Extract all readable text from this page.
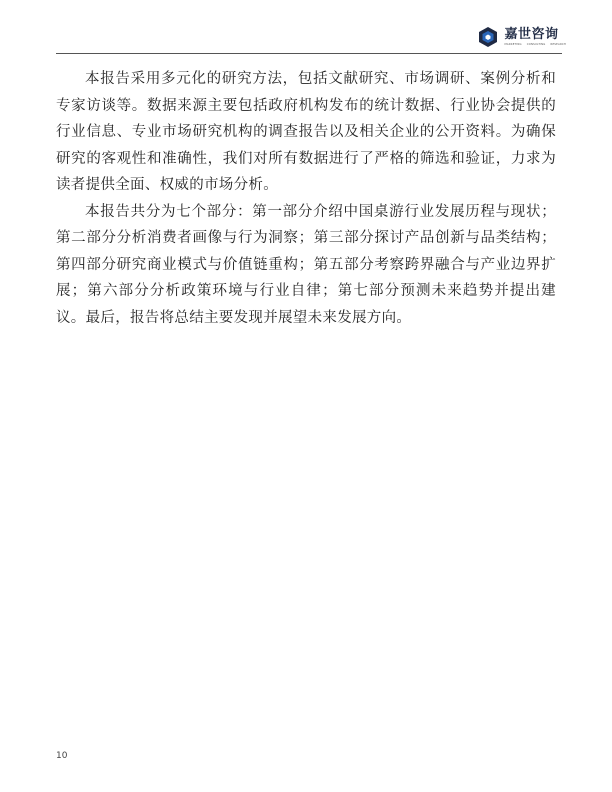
嘉世咨询
MARKETING CONSULTING RESEARCH

本报告采用多元化的研究方法，包括文献研究、市场调研、案例分析和专家访谈等。数据来源主要包括政府机构发布的统计数据、行业协会提供的行业信息、专业市场研究机构的调查报告以及相关企业的公开资料。为确保研究的客观性和准确性，我们对所有数据进行了严格的筛选和验证，力求为读者提供全面、权威的市场分析。

本报告共分为七个部分：第一部分介绍中国桌游行业发展历程与现状；第二部分分析消费者画像与行为洞察；第三部分探讨产品创新与品类结构；第四部分研究商业模式与价值链重构；第五部分考察跨界融合与产业边界扩展；第六部分分析政策环境与行业自律；第七部分预测未来趋势并提出建议。最后，报告将总结主要发现并展望未来发展方向。

10
